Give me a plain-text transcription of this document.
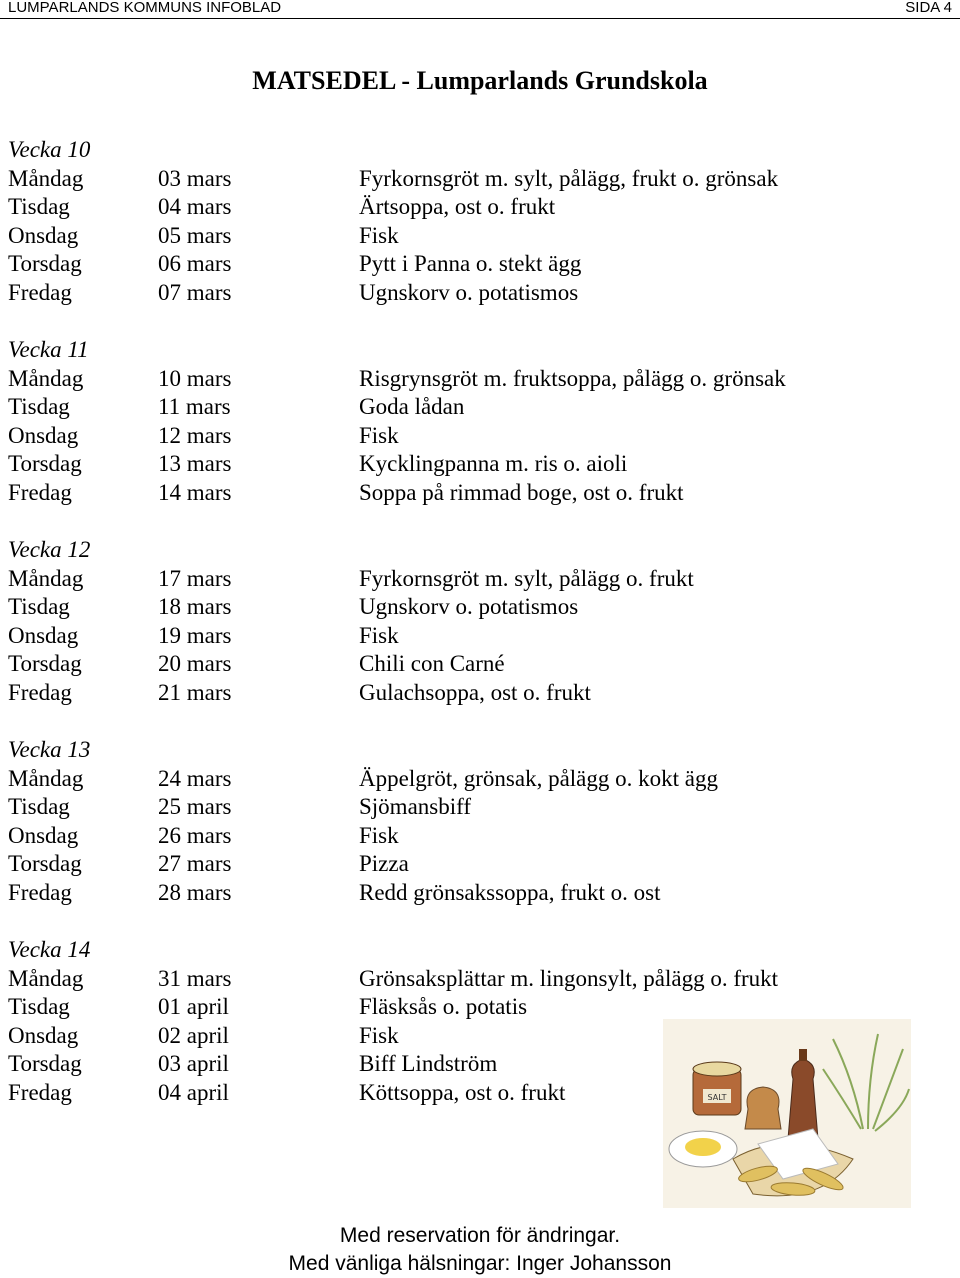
LUMPARLANDS KOMMUNS INFOBLAD	SIDA 4
MATSEDEL - Lumparlands Grundskola
Vecka 10
Måndag	03 mars	Fyrkornsgröt m. sylt, pålägg, frukt o. grönsak
Tisdag	04 mars	Ärtsoppa, ost o. frukt
Onsdag	05 mars	Fisk
Torsdag	06 mars	Pytt i Panna o. stekt ägg
Fredag	07 mars	Ugnskorv o. potatismos
Vecka 11
Måndag	10 mars	Risgrynsgröt m. fruktsoppa, pålägg o. grönsak
Tisdag	11 mars	Goda lådan
Onsdag	12 mars	Fisk
Torsdag	13 mars	Kycklingpanna m. ris o. aioli
Fredag	14 mars	Soppa på rimmad boge, ost o. frukt
Vecka 12
Måndag	17 mars	Fyrkornsgröt m. sylt, pålägg o. frukt
Tisdag	18 mars	Ugnskorv o. potatismos
Onsdag	19 mars	Fisk
Torsdag	20 mars	Chili con Carné
Fredag	21 mars	Gulachsoppa, ost o. frukt
Vecka 13
Måndag	24 mars	Äppelgröt, grönsak, pålägg o. kokt ägg
Tisdag	25 mars	Sjömansbiff
Onsdag	26 mars	Fisk
Torsdag	27 mars	Pizza
Fredag	28 mars	Redd grönsakssoppa, frukt o. ost
Vecka 14
Måndag	31 mars	Grönsaksplättar m. lingonsylt, pålägg o. frukt
Tisdag	01 april	Fläsksås o. potatis
Onsdag	02 april	Fisk
Torsdag	03 april	Biff Lindström
Fredag	04 april	Köttsoppa, ost o. frukt	SALT
Med reservation för ändringar.
Med vänliga hälsningar: Inger Johansson
